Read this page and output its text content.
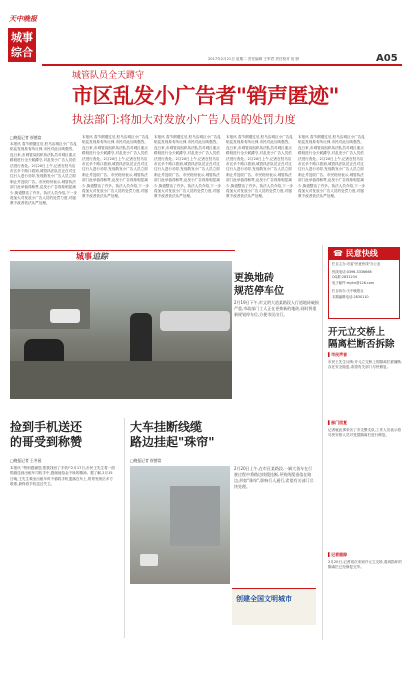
天中晚报
城事
综合	2017年2月21日 星期二 责任编辑 王军君 责任校对 田 野	A05
城管队员全天蹲守
市区乱发小广告者"销声匿迹"
执法部门:将加大对发放小广告人员的处罚力度
□晚报记者 崔德富
本报讯 春节假期过后,驻马店城区小广告乱贴乱发现象有所反弹,市民对此反映强烈。连日来,市城管局组织执法队员对城区重点路段进行全天候蹲守,对乱发小广告人员依法进行查处。2月20日上午,记者在驻马店市区多个路口看到,城管执法队员正在对过往行人进行劝导,发现散发小广告人员立即制止并没收广告。市民纷纷表示,城管执法部门此举值得称赞,乱发小广告现象明显减少,街道整洁了许多。执法人员介绍,下一步将加大对发放小广告人员的处罚力度,对屡教不改者依法从严处理。
本报讯 春节假期过后,驻马店城区小广告乱贴乱发现象有所反弹,市民对此反映强烈。连日来,市城管局组织执法队员对城区重点路段进行全天候蹲守,对乱发小广告人员依法进行查处。2月20日上午,记者在驻马店市区多个路口看到,城管执法队员正在对过往行人进行劝导,发现散发小广告人员立即制止并没收广告。市民纷纷表示,城管执法部门此举值得称赞,乱发小广告现象明显减少,街道整洁了许多。执法人员介绍,下一步将加大对发放小广告人员的处罚力度,对屡教不改者依法从严处理。
本报讯 春节假期过后,驻马店城区小广告乱贴乱发现象有所反弹,市民对此反映强烈。连日来,市城管局组织执法队员对城区重点路段进行全天候蹲守,对乱发小广告人员依法进行查处。2月20日上午,记者在驻马店市区多个路口看到,城管执法队员正在对过往行人进行劝导,发现散发小广告人员立即制止并没收广告。市民纷纷表示,城管执法部门此举值得称赞,乱发小广告现象明显减少,街道整洁了许多。执法人员介绍,下一步将加大对发放小广告人员的处罚力度,对屡教不改者依法从严处理。
本报讯 春节假期过后,驻马店城区小广告乱贴乱发现象有所反弹,市民对此反映强烈。连日来,市城管局组织执法队员对城区重点路段进行全天候蹲守,对乱发小广告人员依法进行查处。2月20日上午,记者在驻马店市区多个路口看到,城管执法队员正在对过往行人进行劝导,发现散发小广告人员立即制止并没收广告。市民纷纷表示,城管执法部门此举值得称赞,乱发小广告现象明显减少,街道整洁了许多。执法人员介绍,下一步将加大对发放小广告人员的处罚力度,对屡教不改者依法从严处理。
本报讯 春节假期过后,驻马店城区小广告乱贴乱发现象有所反弹,市民对此反映强烈。连日来,市城管局组织执法队员对城区重点路段进行全天候蹲守,对乱发小广告人员依法进行查处。2月20日上午,记者在驻马店市区多个路口看到,城管执法队员正在对过往行人进行劝导,发现散发小广告人员立即制止并没收广告。市民纷纷表示,城管执法部门此举值得称赞,乱发小广告现象明显减少,街道整洁了许多。执法人员介绍,下一步将加大对发放小广告人员的处罚力度,对屡教不改者依法从严处理。
☎ 民意快线
栏目主办:市委"民意快线"办公室
热线电话:0396-3336666
QQ群:2831234
电子邮件:mykx@126.com
栏目协办:天中晚报社
本期编辑电话:2830110
城事追踪
更换地砖
规范停车位
2月19日下午,市文明大道某路段人行道地砖破损严重,市政部门工人正在更换新的地砖,同时将重新规划停车位,方便市民出行。
开元立交桥上
隔离栏断否拆除
▌市民声音
市民王先生反映:开元立交桥上的隔离栏被撞断,存在安全隐患,希望有关部门尽快修复。
▌部门回复
记者就此事采访了市交警支队,工作人员表示将尽快安排人员对受损隔离栏进行修复。
▌记者跟踪
2月20日,记者再次来到开元立交桥,看到损坏的隔离栏已经修复完毕。
捡到手机送还
的哥受到称赞
□晚报记者 王冬园
本报讯 "特别感谢您,帮我找回了手机!"2月17日,市民王先生将一面锦旗送到出租车司机手中,感谢他拾金不昧的精神。据了解,2月15日晚,王先生乘坐出租车时不慎将手机遗落在车上,的哥发现后多方联系,最终将手机送还失主。
大车挂断线缆
路边挂起"珠帘"
□晚报记者 崔德富
2月20日上午,在市区某路段,一辆大货车在行驶过程中将路边线缆挂断,导致线缆垂落在路边,形如"珠帘",影响行人通行,希望有关部门尽快处理。
创建全国文明城市
